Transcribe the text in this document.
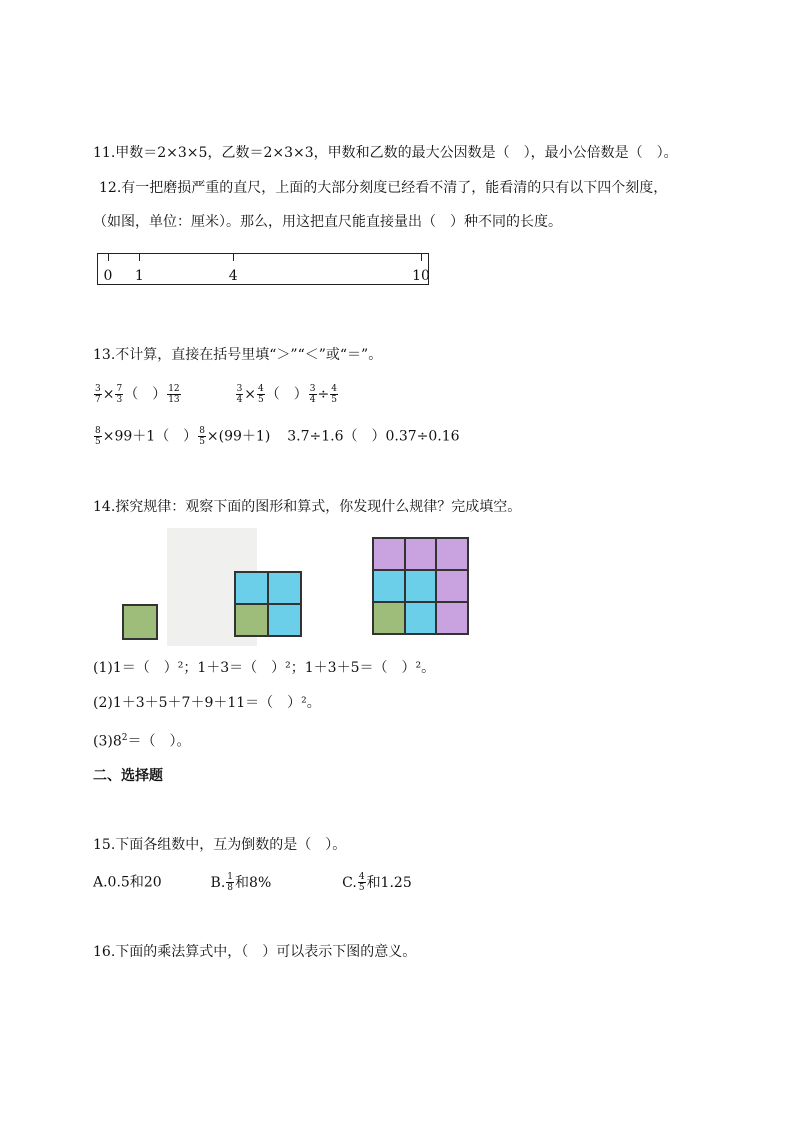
11.甲数＝2×3×5，乙数＝2×3×3，甲数和乙数的最大公因数是（　），最小公倍数是（　）。
12.有一把磨损严重的直尺，上面的大部分刻度已经看不清了，能看清的只有以下四个刻度，
（如图，单位：厘米）。那么，用这把直尺能直接量出（　）种不同的长度。
0 1	4	10
13.不计算，直接在括号里填“＞”“＜”或“＝”。
$\frac{3}{7} \times \frac{7}{3}$ （　） $\frac{12}{13}$
	$\frac{3}{4} \times \frac{4}{5}$ （　） $\frac{3}{4} \div \frac{4}{5}$
$\frac{8}{5} \times 99+1$（　） $\frac{8}{5} \times(99+1)$ 3.7÷1.6（　）0.37÷0.16
14.探究规律：观察下面的图形和算式，你发现什么规律？完成填空。
(1)1＝（　）²；1＋3＝（　）²；1＋3＋5＝（　）²。
(2)1＋3＋5＋7＋9＋11＝（　）²。
$(3)8^2=$（　）。
二、选择题
15.下面各组数中，互为倒数的是（　）。
A.0.5和20	B. $\frac{1}{8}$ 和8%	C. $\frac{4}{5}$ 和1.25
16.下面的乘法算式中，（　）可以表示下图的意义。
